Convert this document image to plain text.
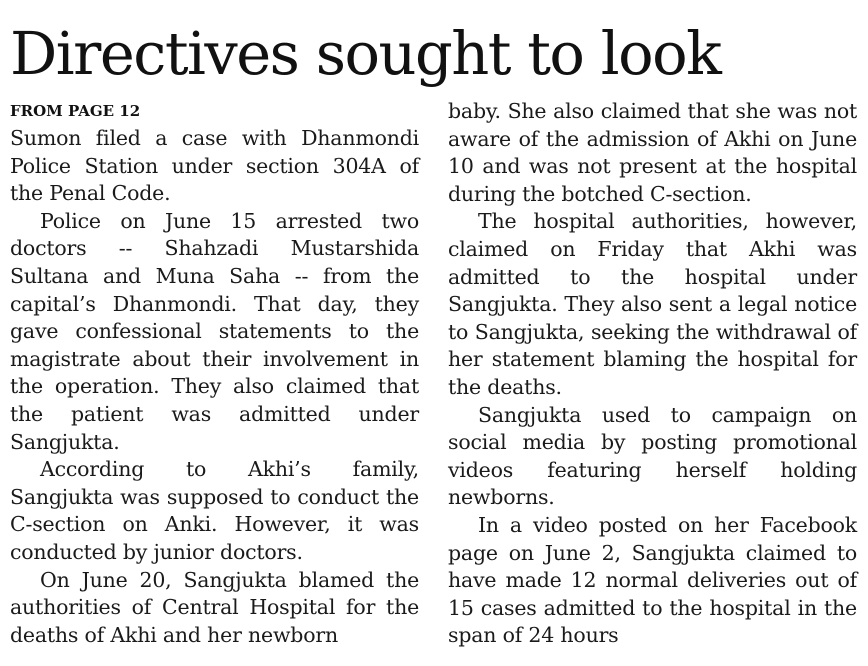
Directives sought to look
FROM PAGE 12

Sumon filed a case with Dhanmondi Police Station under section 304A of the Penal Code.

Police on June 15 arrested two doctors -- Shahzadi Mustarshida Sultana and Muna Saha -- from the capital’s Dhanmondi. That day, they gave confessional statements to the magistrate about their involvement in the operation. They also claimed that the patient was admitted under Sangjukta.

According to Akhi’s family, Sangjukta was supposed to conduct the C-section on Anki. However, it was conducted by junior doctors.

On June 20, Sangjukta blamed the authorities of Central Hospital for the deaths of Akhi and her newborn

baby. She also claimed that she was not aware of the admission of Akhi on June 10 and was not present at the hospital during the botched C-section.

The hospital authorities, however, claimed on Friday that Akhi was admitted to the hospital under Sangjukta. They also sent a legal notice to Sangjukta, seeking the withdrawal of her statement blaming the hospital for the deaths.

Sangjukta used to campaign on social media by posting promotional videos featuring herself holding newborns.

In a video posted on her Facebook page on June 2, Sangjukta claimed to have made 12 normal deliveries out of 15 cases admitted to the hospital in the span of 24 hours
